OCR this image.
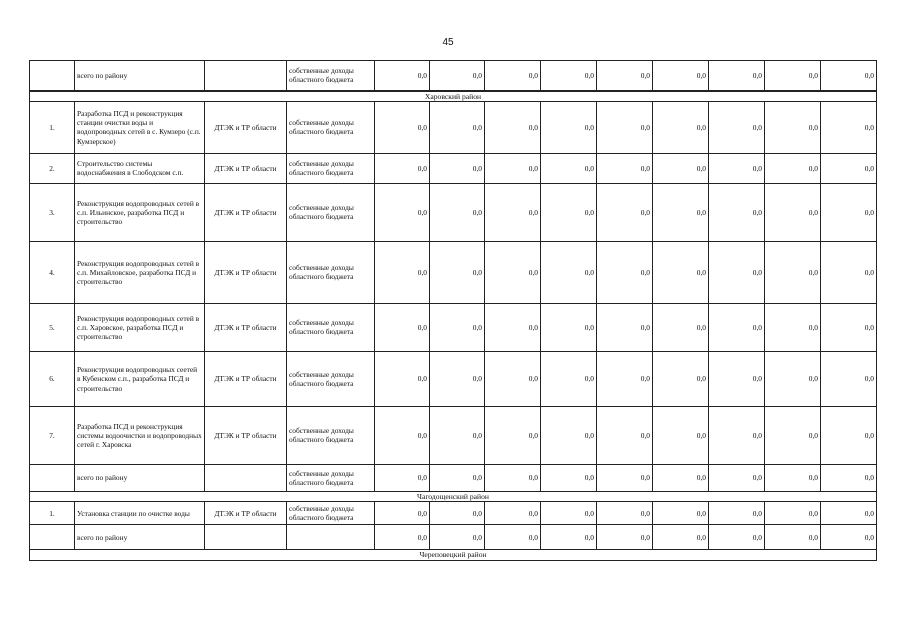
45
	всего по району		собственные доходы областного бюджета	0,0	0,0	0,0	0,0	0,0	0,0	0,0	0,0	0,0
Харовский район												
1.	Разработка ПСД и реконструкция станции очистки воды и водопроводных сетей в с. Кумзеро (с.п. Кумзерское)	ДТЭК и ТР области	собственные доходы областного бюджета	0,0	0,0	0,0	0,0	0,0	0,0	0,0	0,0	0,0
2.	Строительство системы водоснабжения в Слободском с.п.	ДТЭК и ТР области	собственные доходы областного бюджета	0,0	0,0	0,0	0,0	0,0	0,0	0,0	0,0	0,0
3.	Реконструкция водопроводных сетей в с.п. Ильинское, разработка ПСД и строительство	ДТЭК и ТР области	собственные доходы областного бюджета	0,0	0,0	0,0	0,0	0,0	0,0	0,0	0,0	0,0
4.	Реконструкция водопроводных сетей в с.п. Михайловское, разработка ПСД и строительство	ДТЭК и ТР области	собственные доходы областного бюджета	0,0	0,0	0,0	0,0	0,0	0,0	0,0	0,0	0,0
5.	Реконструкция водопроводных сетей в с.п. Харовское, разработка ПСД и строительство	ДТЭК и ТР области	собственные доходы областного бюджета	0,0	0,0	0,0	0,0	0,0	0,0	0,0	0,0	0,0
6.	Реконструкция водопроводных сеетей в Кубенском с.п., разработка ПСД и строительство	ДТЭК и ТР области	собственные доходы областного бюджета	0,0	0,0	0,0	0,0	0,0	0,0	0,0	0,0	0,0
7.	Разработка ПСД и реконструкция системы водоочистки и водопроводных сетей г. Харовска	ДТЭК и ТР области	собственные доходы областного бюджета	0,0	0,0	0,0	0,0	0,0	0,0	0,0	0,0	0,0
	всего по району		собственные доходы областного бюджета	0,0	0,0	0,0	0,0	0,0	0,0	0,0	0,0	0,0
Чагодощенский район												
1.	Установка станции по очистке воды	ДТЭК и ТР области	собственные доходы областного бюджета	0,0	0,0	0,0	0,0	0,0	0,0	0,0	0,0	0,0
	всего по району			0,0	0,0	0,0	0,0	0,0	0,0	0,0	0,0	0,0
Череповецкий район												
